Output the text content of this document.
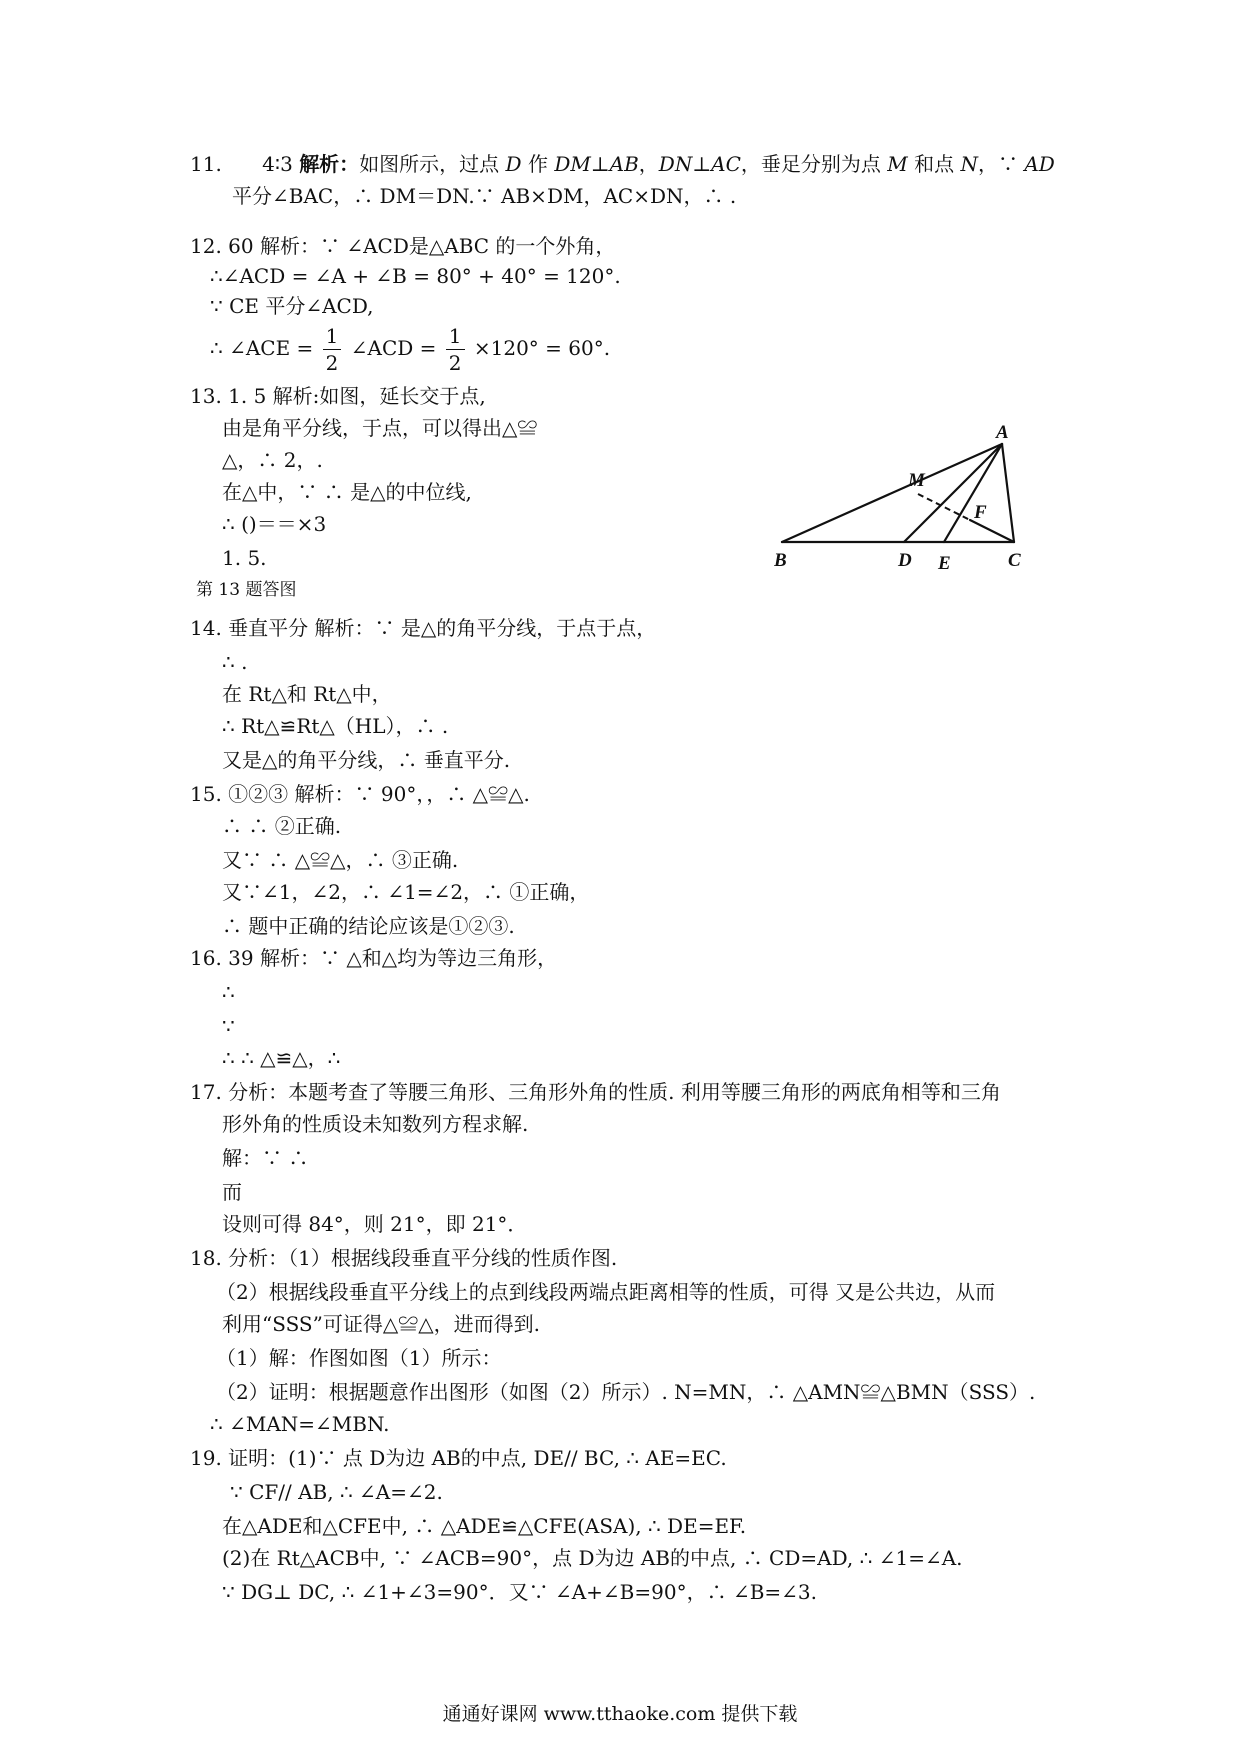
11. 4∶3 解析：如图所示，过点 D 作 DM⊥AB，DN⊥AC，垂足分别为点 M 和点 N，∵ AD
平分∠BAC，∴ DM＝DN.∵ AB×DM，AC×DN，∴ .
12. 60 解析：∵ ∠ACD是△ABC 的一个外角，
∴∠ACD = ∠A + ∠B = 80° + 40° = 120°.
∵ CE 平分∠ACD,
∴ ∠ACE = $\frac{1}{2}$ ∠ACD = $\frac{1}{2} \times 120^\circ = 60^\circ$.
13. 1. 5 解析:如图，延长交于点,
由是角平分线，于点，可以得出△≌
△，∴ 2，.
在△中，∵ ∴ 是△的中位线,
∴ ()＝＝×3
1. 5.
第 13 题答图
A
B	C
D E
F
M
14. 垂直平分 解析：∵ 是△的角平分线，于点于点，
∴ .
在 Rt△和 Rt△中，
∴ Rt△≌Rt△（HL），∴ .
又是△的角平分线，∴ 垂直平分.
15. ①②③ 解析：∵ 90°，，∴ △≌△.
∴ ∴ ②正确.
又∵ ∴ △≌△，∴ ③正确.
又∵∠1，∠2，∴ ∠1=∠2，∴ ①正确，
∴ 题中正确的结论应该是①②③.
16. 39 解析：∵ △和△均为等边三角形，
∴
∵
∴ ∴ △≌△，∴
17. 分析：本题考查了等腰三角形、三角形外角的性质. 利用等腰三角形的两底角相等和三角
形外角的性质设未知数列方程求解.
解：∵ ∴
而
设则可得 84°，则 21°，即 21°．
18. 分析：（1）根据线段垂直平分线的性质作图.
（2）根据线段垂直平分线上的点到线段两端点距离相等的性质，可得 又是公共边，从而
利用“SSS”可证得△≌△，进而得到.
（1）解：作图如图（1）所示：
（2）证明：根据题意作出图形（如图（2）所示）. N=MN，∴ △AMN≌△BMN（SSS）.
∴ ∠MAN=∠MBN.
19. 证明：(1)∵ 点 D为边 AB的中点, DE// BC, ∴ AE=EC.
∵ CF// AB, ∴ ∠A=∠2.
在△ADE和△CFE中, ∴ △ADE≌△CFE(ASA), ∴ DE=EF.
(2)在 Rt△ACB中, ∵ ∠ACB=90°，点 D为边 AB的中点, ∴ CD=AD, ∴ ∠1=∠A.
∵ DG⊥ DC, ∴ ∠1+∠3=90°．又∵ ∠A+∠B=90°，∴ ∠B=∠3.
通通好课网 www.tthaoke.com 提供下载
